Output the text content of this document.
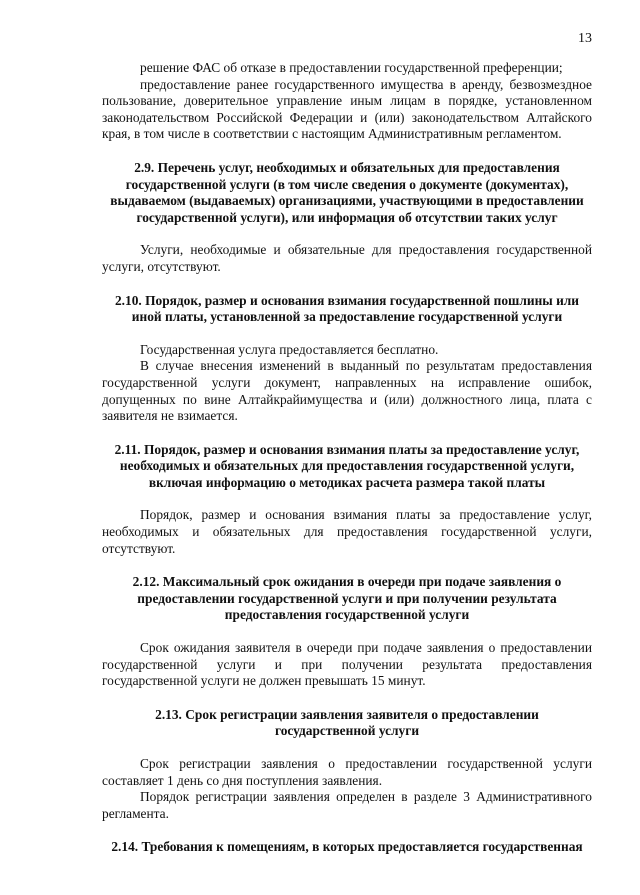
13

решение ФАС об отказе в предоставлении государственной преференции;

предоставление ранее государственного имущества в аренду, безвозмездное пользование, доверительное управление иным лицам в порядке, установленном законодательством Российской Федерации и (или) законодательством Алтайского края, в том числе в соответствии с настоящим Административным регламентом.

2.9. Перечень услуг, необходимых и обязательных для предоставления государственной услуги (в том числе сведения о документе (документах), выдаваемом (выдаваемых) организациями, участвующими в предоставлении государственной услуги), или информация об отсутствии таких услуг

Услуги, необходимые и обязательные для предоставления государственной услуги, отсутствуют.

2.10. Порядок, размер и основания взимания государственной пошлины или иной платы, установленной за предоставление государственной услуги

Государственная услуга предоставляется бесплатно.

В случае внесения изменений в выданный по результатам предоставления государственной услуги документ, направленных на исправление ошибок, допущенных по вине Алтайкрайимущества и (или) должностного лица, плата с заявителя не взимается.

2.11. Порядок, размер и основания взимания платы за предоставление услуг, необходимых и обязательных для предоставления государственной услуги, включая информацию о методиках расчета размера такой платы

Порядок, размер и основания взимания платы за предоставление услуг, необходимых и обязательных для предоставления государственной услуги, отсутствуют.

2.12. Максимальный срок ожидания в очереди при подаче заявления о предоставлении государственной услуги и при получении результата предоставления государственной услуги

Срок ожидания заявителя в очереди при подаче заявления о предоставлении государственной услуги и при получении результата предоставления государственной услуги не должен превышать 15 минут.

2.13. Срок регистрации заявления заявителя о предоставлении государственной услуги

Срок регистрации заявления о предоставлении государственной услуги составляет 1 день со дня поступления заявления.

Порядок регистрации заявления определен в разделе 3 Административного регламента.

2.14. Требования к помещениям, в которых предоставляется государственная
